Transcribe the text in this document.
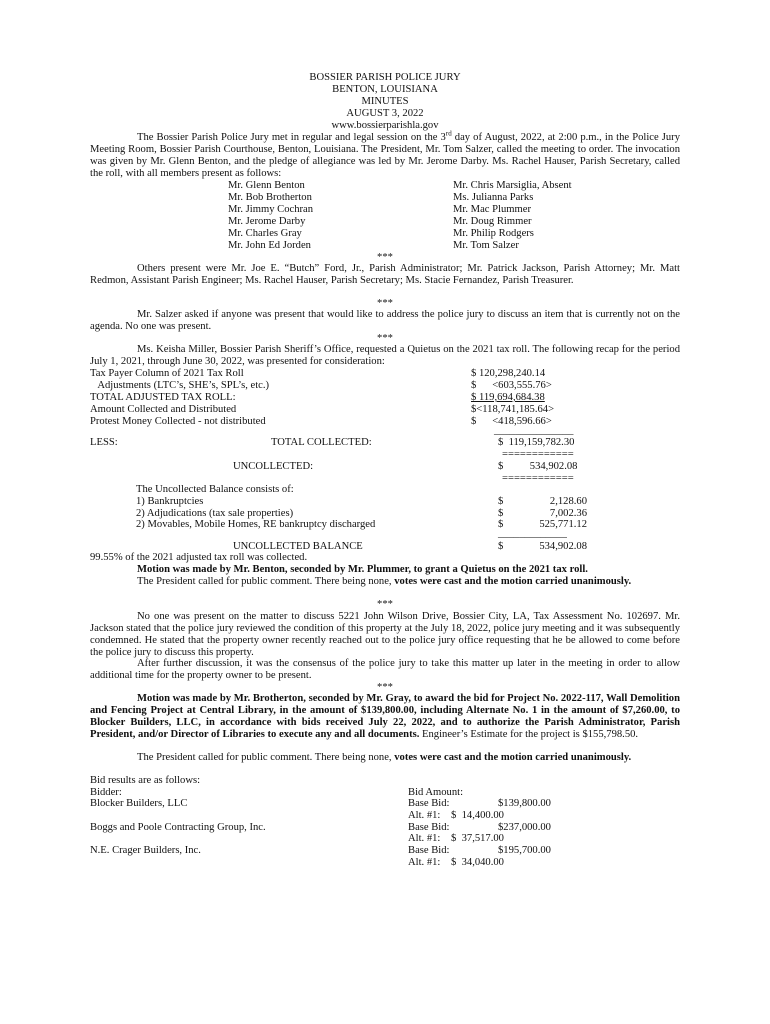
BOSSIER PARISH POLICE JURY
BENTON, LOUISIANA
MINUTES
AUGUST 3, 2022
www.bossierparishla.gov
The Bossier Parish Police Jury met in regular and legal session on the 3rd day of August, 2022, at 2:00 p.m., in the Police Jury Meeting Room, Bossier Parish Courthouse, Benton, Louisiana. The President, Mr. Tom Salzer, called the meeting to order. The invocation was given by Mr. Glenn Benton, and the pledge of allegiance was led by Mr. Jerome Darby. Ms. Rachel Hauser, Parish Secretary, called the roll, with all members present as follows:
Mr. Glenn Benton
Mr. Bob Brotherton
Mr. Jimmy Cochran
Mr. Jerome Darby
Mr. Charles Gray
Mr. John Ed Jorden
Mr. Chris Marsiglia, Absent
Ms. Julianna Parks
Mr. Mac Plummer
Mr. Doug Rimmer
Mr. Philip Rodgers
Mr. Tom Salzer
***
Others present were Mr. Joe E. “Butch” Ford, Jr., Parish Administrator; Mr. Patrick Jackson, Parish Attorney; Mr. Matt Redmon, Assistant Parish Engineer; Ms. Rachel Hauser, Parish Secretary; Ms. Stacie Fernandez, Parish Treasurer.
***
Mr. Salzer asked if anyone was present that would like to address the police jury to discuss an item that is currently not on the agenda. No one was present.
***
Ms. Keisha Miller, Bossier Parish Sheriff’s Office, requested a Quietus on the 2021 tax roll. The following recap for the period July 1, 2021, through June 30, 2022, was presented for consideration:
Tax Payer Column of 2021 Tax Roll	$ 120,298,240.14
Adjustments (LTC’s, SHE’s, SPL’s, etc.)	$      <603,555.76>
TOTAL ADJUSTED TAX ROLL:	$ 119,694,684.38
Amount Collected and Distributed	$<118,741,185.64>
Protest Money Collected - not distributed	$      <418,596.66>
_______________
LESS:	TOTAL COLLECTED:	$  119,159,782.30
============
UNCOLLECTED:	$          534,902.08
============
The Uncollected Balance consists of:
1) Bankruptcies	$	2,128.60
2) Adjudications (tax sale properties)	$	7,002.36
2) Movables, Mobile Homes, RE bankruptcy discharged	$	525,771.12
_____________
UNCOLLECTED BALANCE	$	534,902.08
99.55% of the 2021 adjusted tax roll was collected.
Motion was made by Mr. Benton, seconded by Mr. Plummer, to grant a Quietus on the 2021 tax roll.
The President called for public comment. There being none, votes were cast and the motion carried unanimously.
***
No one was present on the matter to discuss 5221 John Wilson Drive, Bossier City, LA, Tax Assessment No. 102697. Mr. Jackson stated that the police jury reviewed the condition of this property at the July 18, 2022, police jury meeting and it was subsequently condemned. He stated that the property owner recently reached out to the police jury office requesting that he be allowed to come before the police jury to discuss this property.
After further discussion, it was the consensus of the police jury to take this matter up later in the meeting in order to allow additional time for the property owner to be present.
***
Motion was made by Mr. Brotherton, seconded by Mr. Gray, to award the bid for Project No. 2022-117, Wall Demolition and Fencing Project at Central Library, in the amount of $139,800.00, including Alternate No. 1 in the amount of $7,260.00, to Blocker Builders, LLC, in accordance with bids received July 22, 2022, and to authorize the Parish Administrator, Parish President, and/or Director of Libraries to execute any and all documents. Engineer’s Estimate for the project is $155,798.50.
The President called for public comment. There being none, votes were cast and the motion carried unanimously.
Bid results are as follows:
Bidder:	Bid Amount:
Blocker Builders, LLC	Base Bid:	$139,800.00
Alt. #1: $  14,400.00
Boggs and Poole Contracting Group, Inc.	Base Bid:	$237,000.00
Alt. #1: $  37,517.00
N.E. Crager Builders, Inc.	Base Bid:	$195,700.00
Alt. #1: $  34,040.00
